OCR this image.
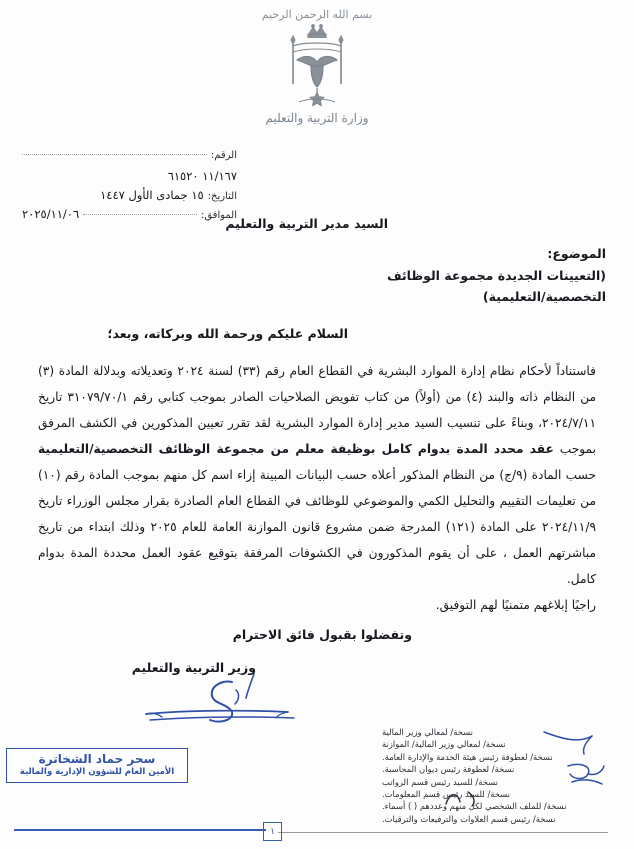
بسم الله الرحمن الرحيم
وزارة التربية والتعليم
الرقم:
١١/١٦٧ ٦١٥٢٠
التاريخ:
١٥ جمادى الأول ١٤٤٧
الموافق:
٢٠٢٥/١١/٠٦
السيد مدير التربية والتعليم
الموضوع:
(التعيينات الجديدة مجموعة الوظائف التخصصية/التعليمية)
السلام عليكم ورحمة الله وبركاته، وبعد؛
فاستناداً لأحكام نظام إدارة الموارد البشرية في القطاع العام رقم (٣٣) لسنة ٢٠٢٤ وتعديلاته وبدلالة المادة (٣) من النظام ذاته والبند (٤) من (أولاً) من كتاب تفويض الصلاحيات الصادر بموجب كتابي رقم ٣١٠٧٩/٧٠/١ تاريخ ٢٠٢٤/٧/١١، وبناءً على تنسيب السيد مدير إدارة الموارد البشرية لقد تقرر تعيين المذكورين في الكشف المرفق بموجب عقد محدد المدة بدوام كامل بوظيفة معلم من مجموعة الوظائف التخصصية/التعليمية حسب المادة (٩/ج) من النظام المذكور أعلاه حسب البيانات المبينة إزاء اسم كل منهم بموجب المادة رقم (١٠) من تعليمات التقييم والتحليل الكمي والموضوعي للوظائف في القطاع العام الصادرة بقرار مجلس الوزراء تاريخ ٢٠٢٤/١١/٩ على المادة (١٢١) المدرجة ضمن مشروع قانون الموازنة العامة للعام ٢٠٢٥ وذلك ابتداء من تاريخ مباشرتهم العمل ، على أن يقوم المذكورون في الكشوفات المرفقة بتوقيع عقود العمل محددة المدة بدوام كامل.
راجيًا إبلاغهم متمنيًا لهم التوفيق.
وتفضلوا بقبول فائق الاحترام
وزير التربية والتعليم
سحر حماد الشخاترة
الأمين العام للشؤون الإدارية والمالية
نسخة/ لمعالي وزير المالية
نسخة/ لمعالي وزير المالية/ الموازنة
نسخة/ لعطوفة رئيس هيئة الخدمة والإدارة العامة.
نسخة/ لعطوفة رئيس ديوان المحاسبة.
نسخة/ للسيد رئيس قسم الرواتب
نسخة/ للسيد رئيس قسم المعلومات.
نسخة/ للملف الشخصي لكل منهم وعددهم ( ) أسماء.
نسخة/ رئيس قسم العلاوات والترفيعات والترقيات.
١
